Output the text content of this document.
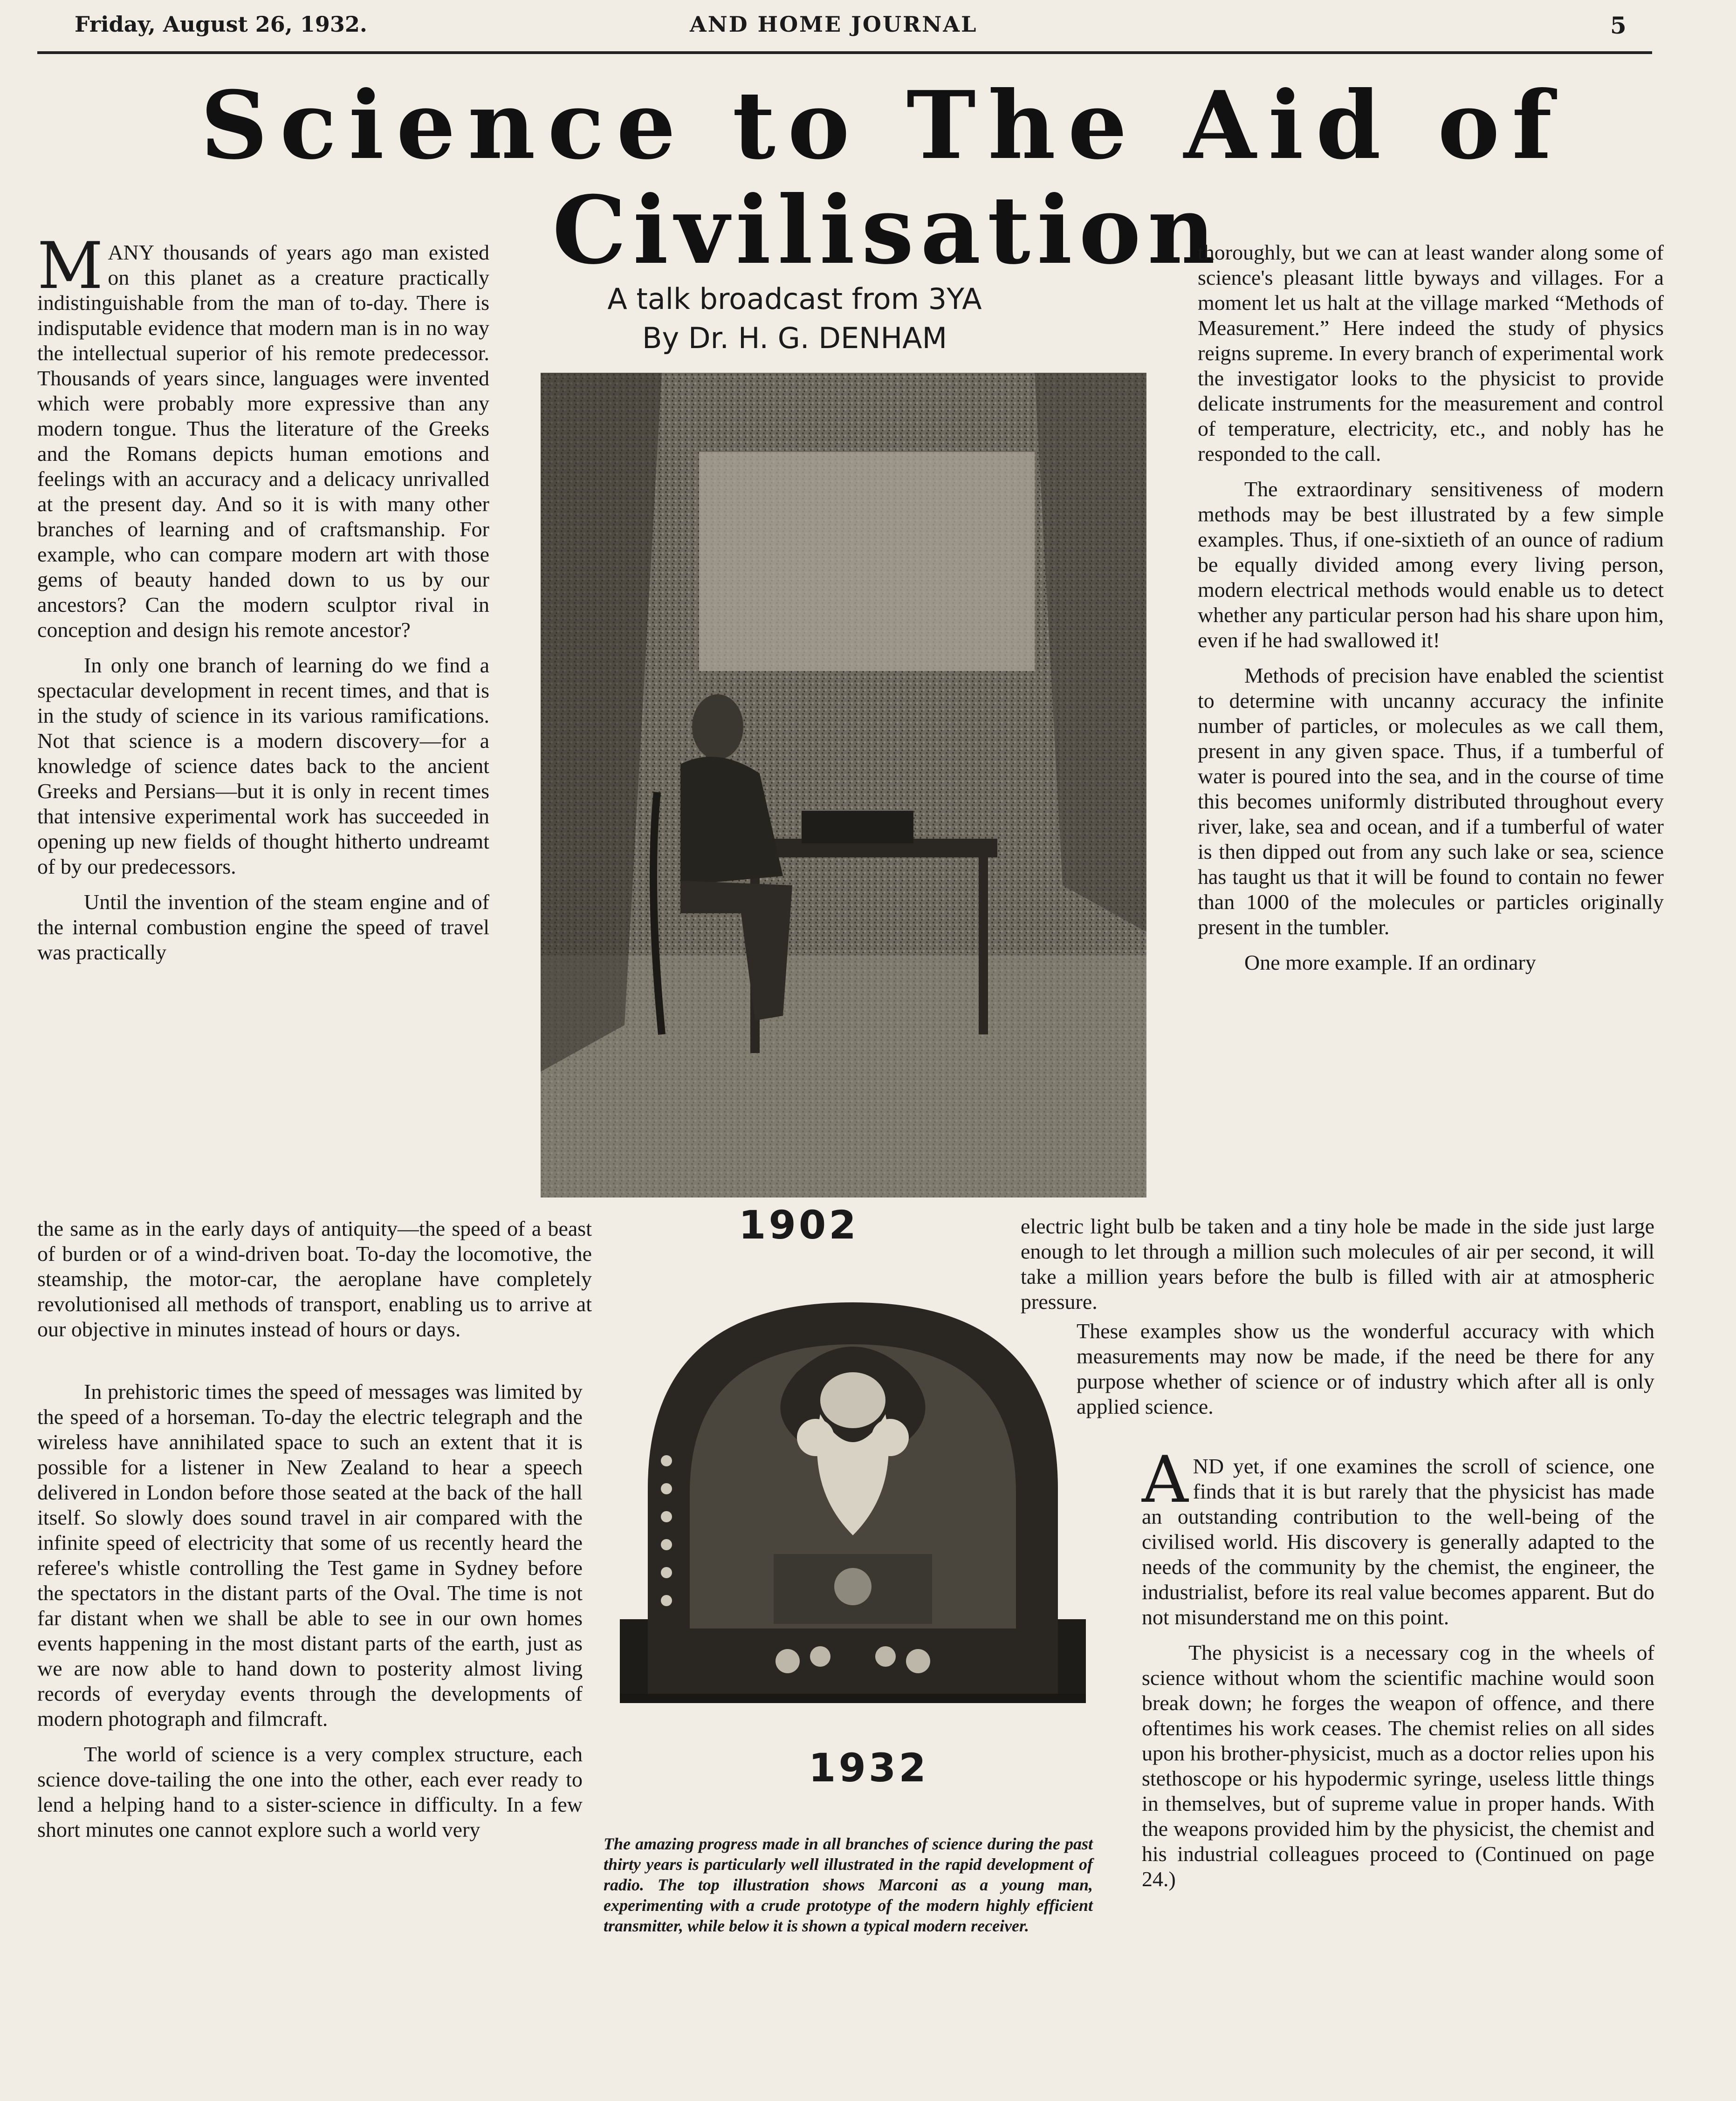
Friday, August 26, 1932.	AND HOME JOURNAL	5
Science to The Aid of
Civilisation
A talk broadcast from 3YA
By Dr. H. G. DENHAM

MANY thousands of years ago man existed on this planet as a creature practically indistinguishable from the man of to-day. There is indisputable evidence that modern man is in no way the intellectual superior of his remote predecessor. Thousands of years since, languages were invented which were probably more expressive than any modern tongue. Thus the literature of the Greeks and the Romans depicts human emotions and feelings with an accuracy and a delicacy unrivalled at the present day. And so it is with many other branches of learning and of craftsmanship. For example, who can compare modern art with those gems of beauty handed down to us by our ancestors? Can the modern sculptor rival in conception and design his remote ancestor?

In only one branch of learning do we find a spectacular development in recent times, and that is in the study of science in its various ramifications. Not that science is a modern discovery—for a knowledge of science dates back to the ancient Greeks and Persians—but it is only in recent times that intensive experimental work has succeeded in opening up new fields of thought hitherto undreamt of by our predecessors.

Until the invention of the steam engine and of the internal combustion engine the speed of travel was practically

the same as in the early days of antiquity—the speed of a beast of burden or of a wind-driven boat. To-day the locomotive, the steamship, the motor-car, the aeroplane have completely revolutionised all methods of transport, enabling us to arrive at our objective in minutes instead of hours or days.

In prehistoric times the speed of messages was limited by the speed of a horseman. To-day the electric telegraph and the wireless have annihilated space to such an extent that it is possible for a listener in New Zealand to hear a speech delivered in London before those seated at the back of the hall itself. So slowly does sound travel in air compared with the infinite speed of electricity that some of us recently heard the referee's whistle controlling the Test game in Sydney before the spectators in the distant parts of the Oval. The time is not far distant when we shall be able to see in our own homes events happening in the most distant parts of the earth, just as we are now able to hand down to posterity almost living records of everyday events through the developments of modern photograph and filmcraft.

The world of science is a very complex structure, each science dove-tailing the one into the other, each ever ready to lend a helping hand to a sister-science in difficulty. In a few short minutes one cannot explore such a world very

1902
1932
The amazing progress made in all branches of science during the past thirty years is particularly well illustrated in the rapid development of radio. The top illustration shows Marconi as a young man, experimenting with a crude prototype of the modern highly efficient transmitter, while below it is shown a typical modern receiver.

thoroughly, but we can at least wander along some of science's pleasant little byways and villages. For a moment let us halt at the village marked “Methods of Measurement.” Here indeed the study of physics reigns supreme. In every branch of experimental work the investigator looks to the physicist to provide delicate instruments for the measurement and control of temperature, electricity, etc., and nobly has he responded to the call.

The extraordinary sensitiveness of modern methods may be best illustrated by a few simple examples. Thus, if one-sixtieth of an ounce of radium be equally divided among every living person, modern electrical methods would enable us to detect whether any particular person had his share upon him, even if he had swallowed it!

Methods of precision have enabled the scientist to determine with uncanny accuracy the infinite number of particles, or molecules as we call them, present in any given space. Thus, if a tumberful of water is poured into the sea, and in the course of time this becomes uniformly distributed throughout every river, lake, sea and ocean, and if a tumberful of water is then dipped out from any such lake or sea, science has taught us that it will be found to contain no fewer than 1000 of the molecules or particles originally present in the tumbler.

One more example. If an ordinary

electric light bulb be taken and a tiny hole be made in the side just large enough to let through a million such molecules of air per second, it will take a million years before the bulb is filled with air at atmospheric pressure.

These examples show us the wonderful accuracy with which measurements may now be made, if the need be there for any purpose whether of science or of industry which after all is only applied science.

AND yet, if one examines the scroll of science, one finds that it is but rarely that the physicist has made an outstanding contribution to the well-being of the civilised world. His discovery is generally adapted to the needs of the community by the chemist, the engineer, the industrialist, before its real value becomes apparent. But do not misunderstand me on this point.

The physicist is a necessary cog in the wheels of science without whom the scientific machine would soon break down; he forges the weapon of offence, and there oftentimes his work ceases. The chemist relies on all sides upon his brother-physicist, much as a doctor relies upon his stethoscope or his hypodermic syringe, useless little things in themselves, but of supreme value in proper hands. With the weapons provided him by the physicist, the chemist and his industrial colleagues proceed to (Continued on page 24.)
